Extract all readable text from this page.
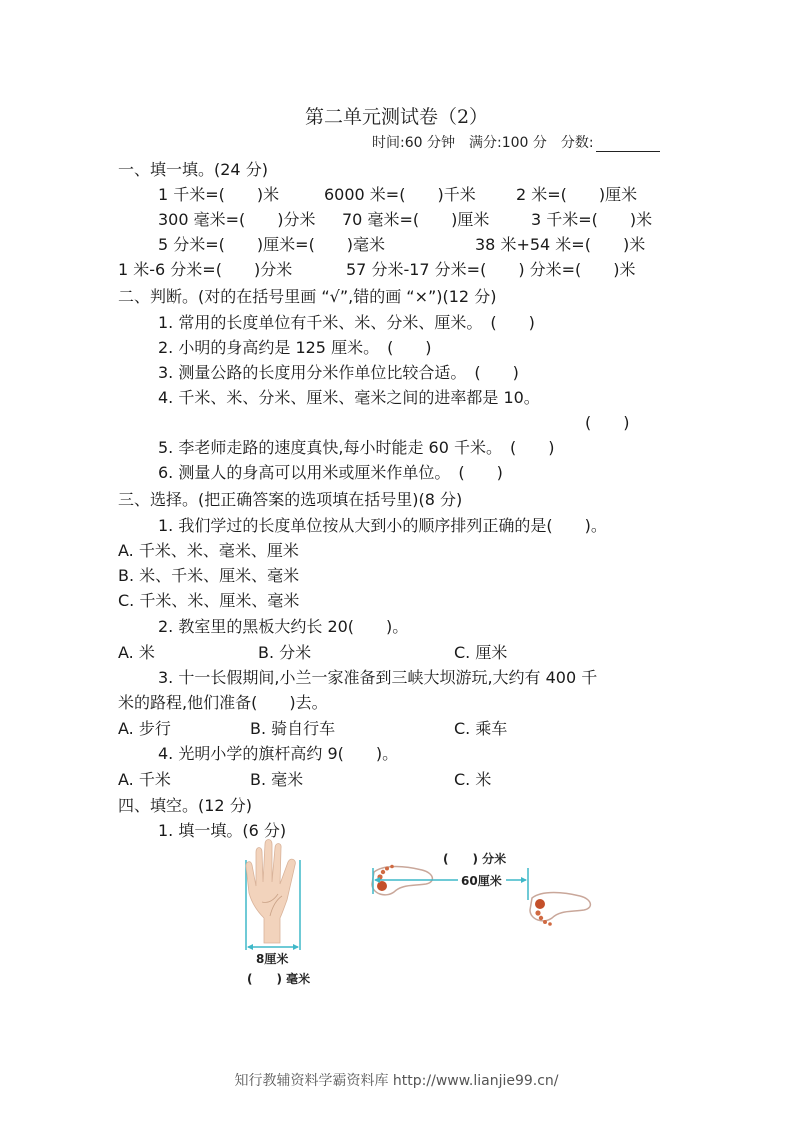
第二单元测试卷（2）
时间:60 分钟　满分:100 分　分数:
一、填一填。(24 分)
1 千米=(　　)米	6000 米=(　　)千米	2 米=(　　)厘米
300 毫米=(　　)分米 70 毫米=(　　)厘米	3 千米=(　　)米
5 分米=(　　)厘米=(　　)毫米	38 米+54 米=(　　)米
1 米-6 分米=(　　)分米	57 分米-17 分米=(　　) 分米=(　　)米
二、判断。(对的在括号里画 “√”,错的画 “×”)(12 分)
1. 常用的长度单位有千米、米、分米、厘米。　(　　)
2. 小明的身高约是 125 厘米。　(　　)
3. 测量公路的长度用分米作单位比较合适。　(　　)
4. 千米、米、分米、厘米、毫米之间的进率都是 10。
(　　)
5. 李老师走路的速度真快,每小时能走 60 千米。　(　　)
6. 测量人的身高可以用米或厘米作单位。　(　　)
三、选择。(把正确答案的选项填在括号里)(8 分)
1. 我们学过的长度单位按从大到小的顺序排列正确的是(　　)。
A. 千米、米、毫米、厘米
B. 米、千米、厘米、毫米
C. 千米、米、厘米、毫米
2. 教室里的黑板大约长 20(　　)。
A. 米	B. 分米	C. 厘米
3. 十一长假期间,小兰一家准备到三峡大坝游玩,大约有 400 千
米的路程,他们准备(　　)去。
A. 步行	B. 骑自行车	C. 乘车
4. 光明小学的旗杆高约 9(　　)。
A. 千米	B. 毫米	C. 米
四、填空。(12 分)
1. 填一填。(6 分)
8厘米
(　　) 毫米
(　　) 分米
60厘米
知行教辅资料学霸资料库 http://www.lianjie99.cn/
